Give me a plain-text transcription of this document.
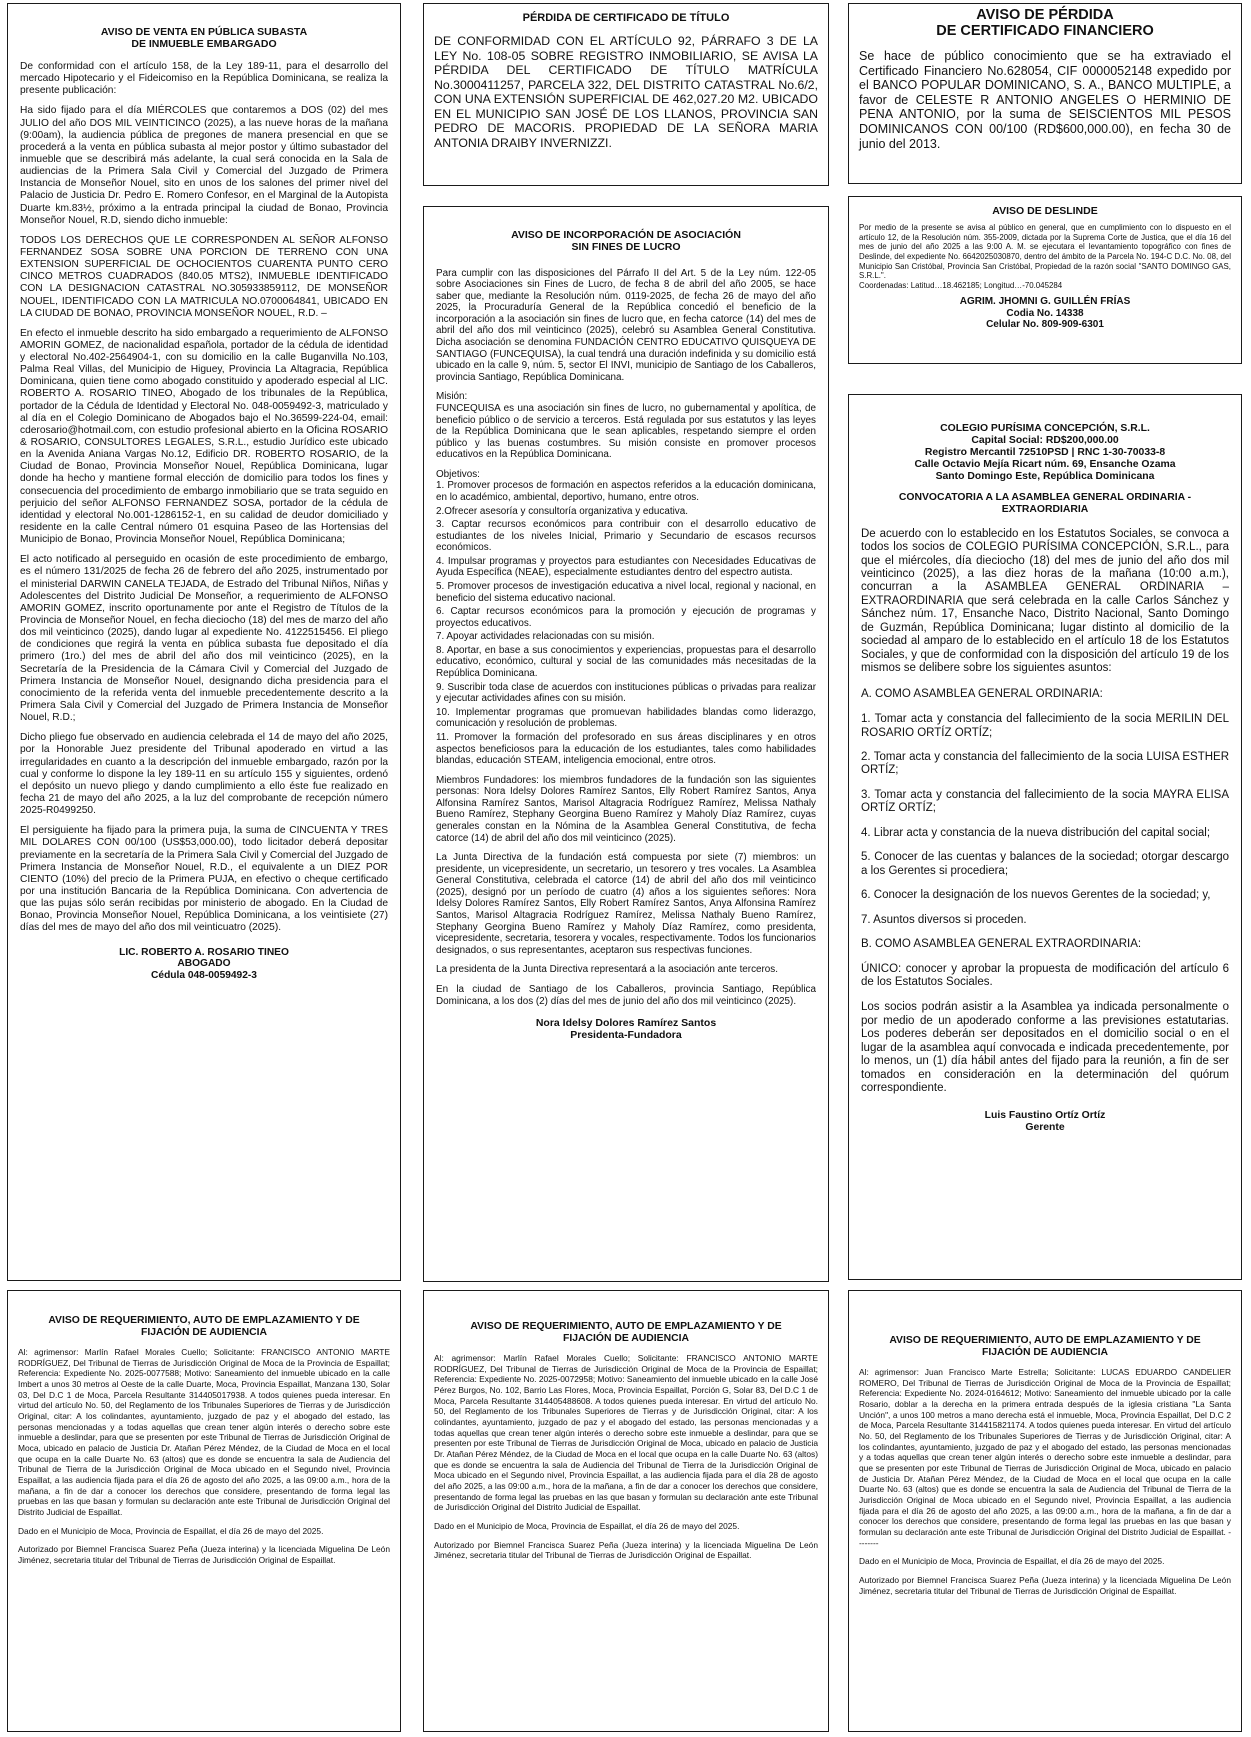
AVISO DE VENTA EN PÚBLICA SUBASTA
DE INMUEBLE EMBARGADO

De conformidad con el artículo 158, de la Ley 189-11, para el desarrollo del mercado Hipotecario y el Fideicomiso en la República Dominicana, se realiza la presente publicación:

Ha sido fijado para el día MIÉRCOLES que contaremos a DOS (02) del mes JULIO del año DOS MIL VEINTICINCO (2025), a las nueve horas de la mañana (9:00am), la audiencia pública de pregones de manera presencial en que se procederá a la venta en pública subasta al mejor postor y último subastador del inmueble que se describirá más adelante, la cual será conocida en la Sala de audiencias de la Primera Sala Civil y Comercial del Juzgado de Primera Instancia de Monseñor Nouel, sito en unos de los salones del primer nivel del Palacio de Justicia Dr. Pedro E. Romero Confesor, en el Marginal de la Autopista Duarte km.83½, próximo a la entrada principal la ciudad de Bonao, Provincia Monseñor Nouel, R.D, siendo dicho inmueble:

TODOS LOS DERECHOS QUE LE CORRESPONDEN AL SEÑOR ALFONSO FERNANDEZ SOSA SOBRE UNA PORCION DE TERRENO CON UNA EXTENSION SUPERFICIAL DE OCHOCIENTOS CUARENTA PUNTO CERO CINCO METROS CUADRADOS (840.05 MTS2), INMUEBLE IDENTIFICADO CON LA DESIGNACION CATASTRAL NO.305933859112, DE MONSEÑOR NOUEL, IDENTIFICADO CON LA MATRICULA NO.0700064841, UBICADO EN LA CIUDAD DE BONAO, PROVINCIA MONSEÑOR NOUEL, R.D. –

En efecto el inmueble descrito ha sido embargado a requerimiento de ALFONSO AMORIN GOMEZ, de nacionalidad española, portador de la cédula de identidad y electoral No.402-2564904-1, con su domicilio en la calle Buganvilla No.103, Palma Real Villas, del Municipio de Higuey, Provincia La Altagracia, República Dominicana, quien tiene como abogado constituido y apoderado especial al LIC. ROBERTO A. ROSARIO TINEO, Abogado de los tribunales de la República, portador de la Cédula de Identidad y Electoral No. 048-0059492-3, matriculado y al día en el Colegio Dominicano de Abogados bajo el No.36599-224-04, email: cderosario@hotmail.com, con estudio profesional abierto en la Oficina ROSARIO & ROSARIO, CONSULTORES LEGALES, S.R.L., estudio Jurídico este ubicado en la Avenida Aniana Vargas No.12, Edificio DR. ROBERTO ROSARIO, de la Ciudad de Bonao, Provincia Monseñor Nouel, República Dominicana, lugar donde ha hecho y mantiene formal elección de domicilio para todos los fines y consecuencia del procedimiento de embargo inmobiliario que se trata seguido en perjuicio del señor ALFONSO FERNANDEZ SOSA, portador de la cédula de identidad y electoral No.001-1286152-1, en su calidad de deudor domiciliado y residente en la calle Central número 01 esquina Paseo de las Hortensias del Municipio de Bonao, Provincia Monseñor Nouel, República Dominicana;

El acto notificado al perseguido en ocasión de este procedimiento de embargo, es el número 131/2025 de fecha 26 de febrero del año 2025, instrumentado por el ministerial DARWIN CANELA TEJADA, de Estrado del Tribunal Niños, Niñas y Adolescentes del Distrito Judicial De Monseñor, a requerimiento de ALFONSO AMORIN GOMEZ, inscrito oportunamente por ante el Registro de Títulos de la Provincia de Monseñor Nouel, en fecha dieciocho (18) del mes de marzo del año dos mil veinticinco (2025), dando lugar al expediente No. 4122515456. El pliego de condiciones que regirá la venta en pública subasta fue depositado el día primero (1ro.) del mes de abril del año dos mil veinticinco (2025), en la Secretaría de la Presidencia de la Cámara Civil y Comercial del Juzgado de Primera Instancia de Monseñor Nouel, designando dicha presidencia para el conocimiento de la referida venta del inmueble precedentemente descrito a la Primera Sala Civil y Comercial del Juzgado de Primera Instancia de Monseñor Nouel, R.D.;

Dicho pliego fue observado en audiencia celebrada el 14 de mayo del año 2025, por la Honorable Juez presidente del Tribunal apoderado en virtud a las irregularidades en cuanto a la descripción del inmueble embargado, razón por la cual y conforme lo dispone la ley 189-11 en su artículo 155 y siguientes, ordenó el depósito un nuevo pliego y dando cumplimiento a ello éste fue realizado en fecha 21 de mayo del año 2025, a la luz del comprobante de recepción número 2025-R0499250.

El persiguiente ha fijado para la primera puja, la suma de CINCUENTA Y TRES MIL DOLARES CON 00/100 (US$53,000.00), todo licitador deberá depositar previamente en la secretaría de la Primera Sala Civil y Comercial del Juzgado de Primera Instancia de Monseñor Nouel, R.D., el equivalente a un DIEZ POR CIENTO (10%) del precio de la Primera PUJA, en efectivo o cheque certificado por una institución Bancaria de la República Dominicana. Con advertencia de que las pujas sólo serán recibidas por ministerio de abogado. En la Ciudad de Bonao, Provincia Monseñor Nouel, República Dominicana, a los veintisiete (27) días del mes de mayo del año dos mil veinticuatro (2025).

LIC. ROBERTO A. ROSARIO TINEO
ABOGADO
Cédula 048-0059492-3
PÉRDIDA DE CERTIFICADO DE TÍTULO
DE CONFORMIDAD CON EL ARTÍCULO 92, PÁRRAFO 3 DE LA LEY No. 108-05 SOBRE REGISTRO INMOBILIARIO, SE AVISA LA PÉRDIDA DEL CERTIFICADO DE TÍTULO MATRÍCULA No.3000411257, PARCELA 322, DEL DISTRITO CATASTRAL No.6/2, CON UNA EXTENSIÓN SUPERFICIAL DE 462,027.20 M2. UBICADO EN EL MUNICIPIO SAN JOSÉ DE LOS LLANOS, PROVINCIA SAN PEDRO DE MACORIS. PROPIEDAD DE LA SEÑORA MARIA ANTONIA DRAIBY INVERNIZZI.
AVISO DE PÉRDIDA
DE CERTIFICADO FINANCIERO
Se hace de público conocimiento que se ha extraviado el Certificado Financiero No.628054, CIF 0000052148 expedido por el BANCO POPULAR DOMINICANO, S. A., BANCO MULTIPLE, a favor de CELESTE R ANTONIO ANGELES O HERMINIO DE PENA ANTONIO, por la suma de SEISCIENTOS MIL PESOS DOMINICANOS CON 00/100 (RD$600,000.00), en fecha 30 de junio del 2013.
AVISO DE DESLINDE
Por medio de la presente se avisa al público en general, que en cumplimiento con lo dispuesto en el artículo 12, de la Resolución núm. 355-2009, dictada por la Suprema Corte de Justica, que el día 16 del mes de junio del año 2025 a las 9:00 A. M. se ejecutara el levantamiento topográfico con fines de Deslinde, del expediente No. 6642025030870, dentro del ámbito de la Parcela No. 194-C D.C. No. 08, del Municipio San Cristóbal, Provincia San Cristóbal, Propiedad de la razón social "SANTO DOMINGO GAS, S.R.L.".
Coordenadas: Latitud…18.462185; Longitud…-70.045284
AGRIM. JHOMNI G. GUILLÉN FRÍAS
Codia No. 14338
Celular No. 809-909-6301
AVISO DE INCORPORACIÓN DE ASOCIACIÓN
SIN FINES DE LUCRO

Para cumplir con las disposiciones del Párrafo II del Art. 5 de la Ley núm. 122-05 sobre Asociaciones sin Fines de Lucro, de fecha 8 de abril del año 2005, se hace saber que, mediante la Resolución núm. 0119-2025, de fecha 26 de mayo del año 2025, la Procuraduría General de la República concedió el beneficio de la incorporación a la asociación sin fines de lucro que, en fecha catorce (14) del mes de abril del año dos mil veinticinco (2025), celebró su Asamblea General Constitutiva. Dicha asociación se denomina FUNDACIÓN CENTRO EDUCATIVO QUISQUEYA DE SANTIAGO (FUNCEQUISA), la cual tendrá una duración indefinida y su domicilio está ubicado en la calle 9, núm. 5, sector El INVI, municipio de Santiago de los Caballeros, provincia Santiago, República Dominicana.

Misión:

FUNCEQUISA es una asociación sin fines de lucro, no gubernamental y apolítica, de beneficio público o de servicio a terceros. Está regulada por sus estatutos y las leyes de la República Dominicana que le sean aplicables, respetando siempre el orden público y las buenas costumbres. Su misión consiste en promover procesos educativos en la República Dominicana.

Objetivos:

1. Promover procesos de formación en aspectos referidos a la educación dominicana, en lo académico, ambiental, deportivo, humano, entre otros.

2.Ofrecer asesoría y consultoría organizativa y educativa.

3. Captar recursos económicos para contribuir con el desarrollo educativo de estudiantes de los niveles Inicial, Primario y Secundario de escasos recursos económicos.

4. Impulsar programas y proyectos para estudiantes con Necesidades Educativas de Ayuda Específica (NEAE), especialmente estudiantes dentro del espectro autista.

5. Promover procesos de investigación educativa a nivel local, regional y nacional, en beneficio del sistema educativo nacional.

6. Captar recursos económicos para la promoción y ejecución de programas y proyectos educativos.

7. Apoyar actividades relacionadas con su misión.

8. Aportar, en base a sus conocimientos y experiencias, propuestas para el desarrollo educativo, económico, cultural y social de las comunidades más necesitadas de la República Dominicana.

9. Suscribir toda clase de acuerdos con instituciones públicas o privadas para realizar y ejecutar actividades afines con su misión.

10. Implementar programas que promuevan habilidades blandas como liderazgo, comunicación y resolución de problemas.

11. Promover la formación del profesorado en sus áreas disciplinares y en otros aspectos beneficiosos para la educación de los estudiantes, tales como habilidades blandas, educación STEAM, inteligencia emocional, entre otros.

Miembros Fundadores: los miembros fundadores de la fundación son las siguientes personas: Nora Idelsy Dolores Ramírez Santos, Elly Robert Ramírez Santos, Anya Alfonsina Ramírez Santos, Marisol Altagracia Rodríguez Ramírez, Melissa Nathaly Bueno Ramírez, Stephany Georgina Bueno Ramírez y Maholy Díaz Ramírez, cuyas generales constan en la Nómina de la Asamblea General Constitutiva, de fecha catorce (14) de abril del año dos mil veinticinco (2025).

La Junta Directiva de la fundación está compuesta por siete (7) miembros: un presidente, un vicepresidente, un secretario, un tesorero y tres vocales. La Asamblea General Constitutiva, celebrada el catorce (14) de abril del año dos mil veinticinco (2025), designó por un período de cuatro (4) años a los siguientes señores: Nora Idelsy Dolores Ramírez Santos, Elly Robert Ramírez Santos, Anya Alfonsina Ramírez Santos, Marisol Altagracia Rodríguez Ramírez, Melissa Nathaly Bueno Ramírez, Stephany Georgina Bueno Ramírez y Maholy Díaz Ramírez, como presidenta, vicepresidente, secretaria, tesorera y vocales, respectivamente. Todos los funcionarios designados, o sus representantes, aceptaron sus respectivas funciones.

La presidenta de la Junta Directiva representará a la asociación ante terceros.

En la ciudad de Santiago de los Caballeros, provincia Santiago, República Dominicana, a los dos (2) días del mes de junio del año dos mil veinticinco (2025).

Nora Idelsy Dolores Ramírez Santos
Presidenta-Fundadora
COLEGIO PURÍSIMA CONCEPCIÓN, S.R.L.
Capital Social: RD$200,000.00
Registro Mercantil 72510PSD | RNC 1-30-70033-8
Calle Octavio Mejía Ricart núm. 69, Ensanche Ozama
Santo Domingo Este, República Dominicana
CONVOCATORIA A LA ASAMBLEA GENERAL ORDINARIA -
EXTRAORDIARIA

De acuerdo con lo establecido en los Estatutos Sociales, se convoca a todos los socios de COLEGIO PURÍSIMA CONCEPCIÓN, S.R.L., para que el miércoles, día dieciocho (18) del mes de junio del año dos mil veinticinco (2025), a las diez horas de la mañana (10:00 a.m.), concurran a la ASAMBLEA GENERAL ORDINARIA – EXTRAORDINARIA que será celebrada en la calle Carlos Sánchez y Sánchez núm. 17, Ensanche Naco, Distrito Nacional, Santo Domingo de Guzmán, República Dominicana; lugar distinto al domicilio de la sociedad al amparo de lo establecido en el artículo 18 de los Estatutos Sociales, y que de conformidad con la disposición del artículo 19 de los mismos se delibere sobre los siguientes asuntos:

A. COMO ASAMBLEA GENERAL ORDINARIA:

1. Tomar acta y constancia del fallecimiento de la socia MERILIN DEL ROSARIO ORTÍZ ORTÍZ;

2. Tomar acta y constancia del fallecimiento de la socia LUISA ESTHER ORTÍZ;

3. Tomar acta y constancia del fallecimiento de la socia MAYRA ELISA ORTÍZ ORTÍZ;

4. Librar acta y constancia de la nueva distribución del capital social;

5. Conocer de las cuentas y balances de la sociedad; otorgar descargo a los Gerentes si procediera;

6. Conocer la designación de los nuevos Gerentes de la sociedad; y,

7. Asuntos diversos si proceden.

B. COMO ASAMBLEA GENERAL EXTRAORDINARIA:

ÚNICO: conocer y aprobar la propuesta de modificación del artículo 6 de los Estatutos Sociales.

Los socios podrán asistir a la Asamblea ya indicada personalmente o por medio de un apoderado conforme a las previsiones estatutarias. Los poderes deberán ser depositados en el domicilio social o en el lugar de la asamblea aquí convocada e indicada precedentemente, por lo menos, un (1) día hábil antes del fijado para la reunión, a fin de ser tomados en consideración en la determinación del quórum correspondiente.

Luis Faustino Ortíz Ortíz
Gerente
AVISO DE REQUERIMIENTO, AUTO DE EMPLAZAMIENTO Y DE
FIJACIÓN DE AUDIENCIA

Al: agrimensor: Marlín Rafael Morales Cuello; Solicitante: FRANCISCO ANTONIO MARTE RODRÍGUEZ, Del Tribunal de Tierras de Jurisdicción Original de Moca de la Provincia de Espaillat; Referencia: Expediente No. 2025-0077588; Motivo: Saneamiento del inmueble ubicado en la calle Imbert a unos 30 metros al Oeste de la calle Duarte, Moca, Provincia Espaillat, Manzana 130, Solar 03, Del D.C 1 de Moca, Parcela Resultante 314405017938. A todos quienes pueda interesar. En virtud del artículo No. 50, del Reglamento de los Tribunales Superiores de Tierras y de Jurisdicción Original, citar: A los colindantes, ayuntamiento, juzgado de paz y el abogado del estado, las personas mencionadas y a todas aquellas que crean tener algún interés o derecho sobre este inmueble a deslindar, para que se presenten por este Tribunal de Tierras de Jurisdicción Original de Moca, ubicado en palacio de Justicia Dr. Atañan Pérez Méndez, de la Ciudad de Moca en el local que ocupa en la calle Duarte No. 63 (altos) que es donde se encuentra la sala de Audiencia del Tribunal de Tierra de la Jurisdicción Original de Moca ubicado en el Segundo nivel, Provincia Espaillat, a las audiencia fijada para el día 26 de agosto del año 2025, a las 09:00 a.m., hora de la mañana, a fin de dar a conocer los derechos que considere, presentando de forma legal las pruebas en las que basan y formulan su declaración ante este Tribunal de Jurisdicción Original del Distrito Judicial de Espaillat.

Dado en el Municipio de Moca, Provincia de Espaillat, el día 26 de mayo del 2025.

Autorizado por Biemnel Francisca Suarez Peña (Jueza interina) y la licenciada Miguelina De León Jiménez, secretaria titular del Tribunal de Tierras de Jurisdicción Original de Espaillat.

AVISO DE REQUERIMIENTO, AUTO DE EMPLAZAMIENTO Y DE
FIJACIÓN DE AUDIENCIA

Al: agrimensor: Marlín Rafael Morales Cuello; Solicitante: FRANCISCO ANTONIO MARTE RODRÍGUEZ, Del Tribunal de Tierras de Jurisdicción Original de Moca de la Provincia de Espaillat; Referencia: Expediente No. 2025-0072958; Motivo: Saneamiento del inmueble ubicado en la calle José Pérez Burgos, No. 102, Barrio Las Flores, Moca, Provincia Espaillat, Porción G, Solar 83, Del D.C 1 de Moca, Parcela Resultante 314405488608. A todos quienes pueda interesar. En virtud del artículo No. 50, del Reglamento de los Tribunales Superiores de Tierras y de Jurisdicción Original, citar: A los colindantes, ayuntamiento, juzgado de paz y el abogado del estado, las personas mencionadas y a todas aquellas que crean tener algún interés o derecho sobre este inmueble a deslindar, para que se presenten por este Tribunal de Tierras de Jurisdicción Original de Moca, ubicado en palacio de Justicia Dr. Atañan Pérez Méndez, de la Ciudad de Moca en el local que ocupa en la calle Duarte No. 63 (altos) que es donde se encuentra la sala de Audiencia del Tribunal de Tierra de la Jurisdicción Original de Moca ubicado en el Segundo nivel, Provincia Espaillat, a las audiencia fijada para el día 28 de agosto del año 2025, a las 09:00 a.m., hora de la mañana, a fin de dar a conocer los derechos que considere, presentando de forma legal las pruebas en las que basan y formulan su declaración ante este Tribunal de Jurisdicción Original del Distrito Judicial de Espaillat.

Dado en el Municipio de Moca, Provincia de Espaillat, el día 26 de mayo del 2025.

Autorizado por Biemnel Francisca Suarez Peña (Jueza interina) y la licenciada Miguelina De León Jiménez, secretaria titular del Tribunal de Tierras de Jurisdicción Original de Espaillat.

AVISO DE REQUERIMIENTO, AUTO DE EMPLAZAMIENTO Y DE
FIJACIÓN DE AUDIENCIA

Al: agrimensor: Juan Francisco Marte Estrella; Solicitante: LUCAS EDUARDO CANDELIER ROMERO, Del Tribunal de Tierras de Jurisdicción Original de Moca de la Provincia de Espaillat; Referencia: Expediente No. 2024-0164612; Motivo: Saneamiento del inmueble ubicado por la calle Rosario, doblar a la derecha en la primera entrada después de la iglesia cristiana "La Santa Unción", a unos 100 metros a mano derecha está el inmueble, Moca, Provincia Espaillat, Del D.C 2 de Moca, Parcela Resultante 314415821174. A todos quienes pueda interesar. En virtud del artículo No. 50, del Reglamento de los Tribunales Superiores de Tierras y de Jurisdicción Original, citar: A los colindantes, ayuntamiento, juzgado de paz y el abogado del estado, las personas mencionadas y a todas aquellas que crean tener algún interés o derecho sobre este inmueble a deslindar, para que se presenten por este Tribunal de Tierras de Jurisdicción Original de Moca, ubicado en palacio de Justicia Dr. Atañan Pérez Méndez, de la Ciudad de Moca en el local que ocupa en la calle Duarte No. 63 (altos) que es donde se encuentra la sala de Audiencia del Tribunal de Tierra de la Jurisdicción Original de Moca ubicado en el Segundo nivel, Provincia Espaillat, a las audiencia fijada para el día 26 de agosto del año 2025, a las 09:00 a.m., hora de la mañana, a fin de dar a conocer los derechos que considere, presentando de forma legal las pruebas en las que basan y formulan su declaración ante este Tribunal de Jurisdicción Original del Distrito Judicial de Espaillat. --------

Dado en el Municipio de Moca, Provincia de Espaillat, el día 26 de mayo del 2025.

Autorizado por Biemnel Francisca Suarez Peña (Jueza interina) y la licenciada Miguelina De León Jiménez, secretaria titular del Tribunal de Tierras de Jurisdicción Original de Espaillat.
